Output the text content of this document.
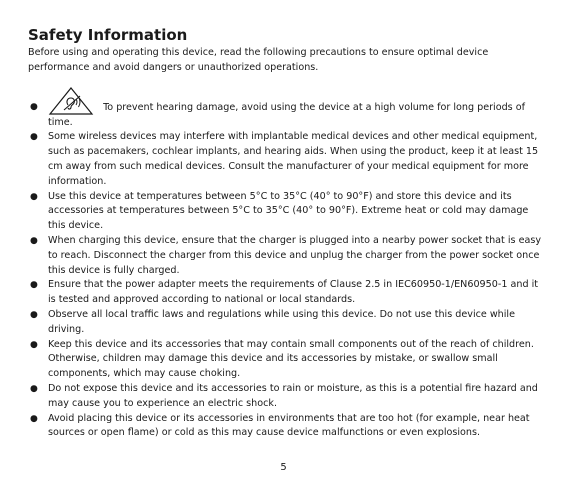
Safety Information

Before using and operating this device, read the following precautions to ensure optimal device performance and avoid dangers or unauthorized operations.

●	To prevent hearing damage, avoid using the device at a high volume for long periods of time.
● Some wireless devices may interfere with implantable medical devices and other medical equipment, such as pacemakers, cochlear implants, and hearing aids. When using the product, keep it at least 15 cm away from such medical devices. Consult the manufacturer of your medical equipment for more information.
● Use this device at temperatures between 5°C to 35°C (40° to 90°F) and store this device and its accessories at temperatures between 5°C to 35°C (40° to 90°F). Extreme heat or cold may damage this device.
● When charging this device, ensure that the charger is plugged into a nearby power socket that is easy to reach. Disconnect the charger from this device and unplug the charger from the power socket once this device is fully charged.
● Ensure that the power adapter meets the requirements of Clause 2.5 in IEC60950-1/EN60950-1 and it is tested and approved according to national or local standards.
● Observe all local traffic laws and regulations while using this device. Do not use this device while driving.
● Keep this device and its accessories that may contain small components out of the reach of children. Otherwise, children may damage this device and its accessories by mistake, or swallow small components, which may cause choking.
● Do not expose this device and its accessories to rain or moisture, as this is a potential fire hazard and may cause you to experience an electric shock.
● Avoid placing this device or its accessories in environments that are too hot (for example, near heat sources or open flame) or cold as this may cause device malfunctions or even explosions.
5
